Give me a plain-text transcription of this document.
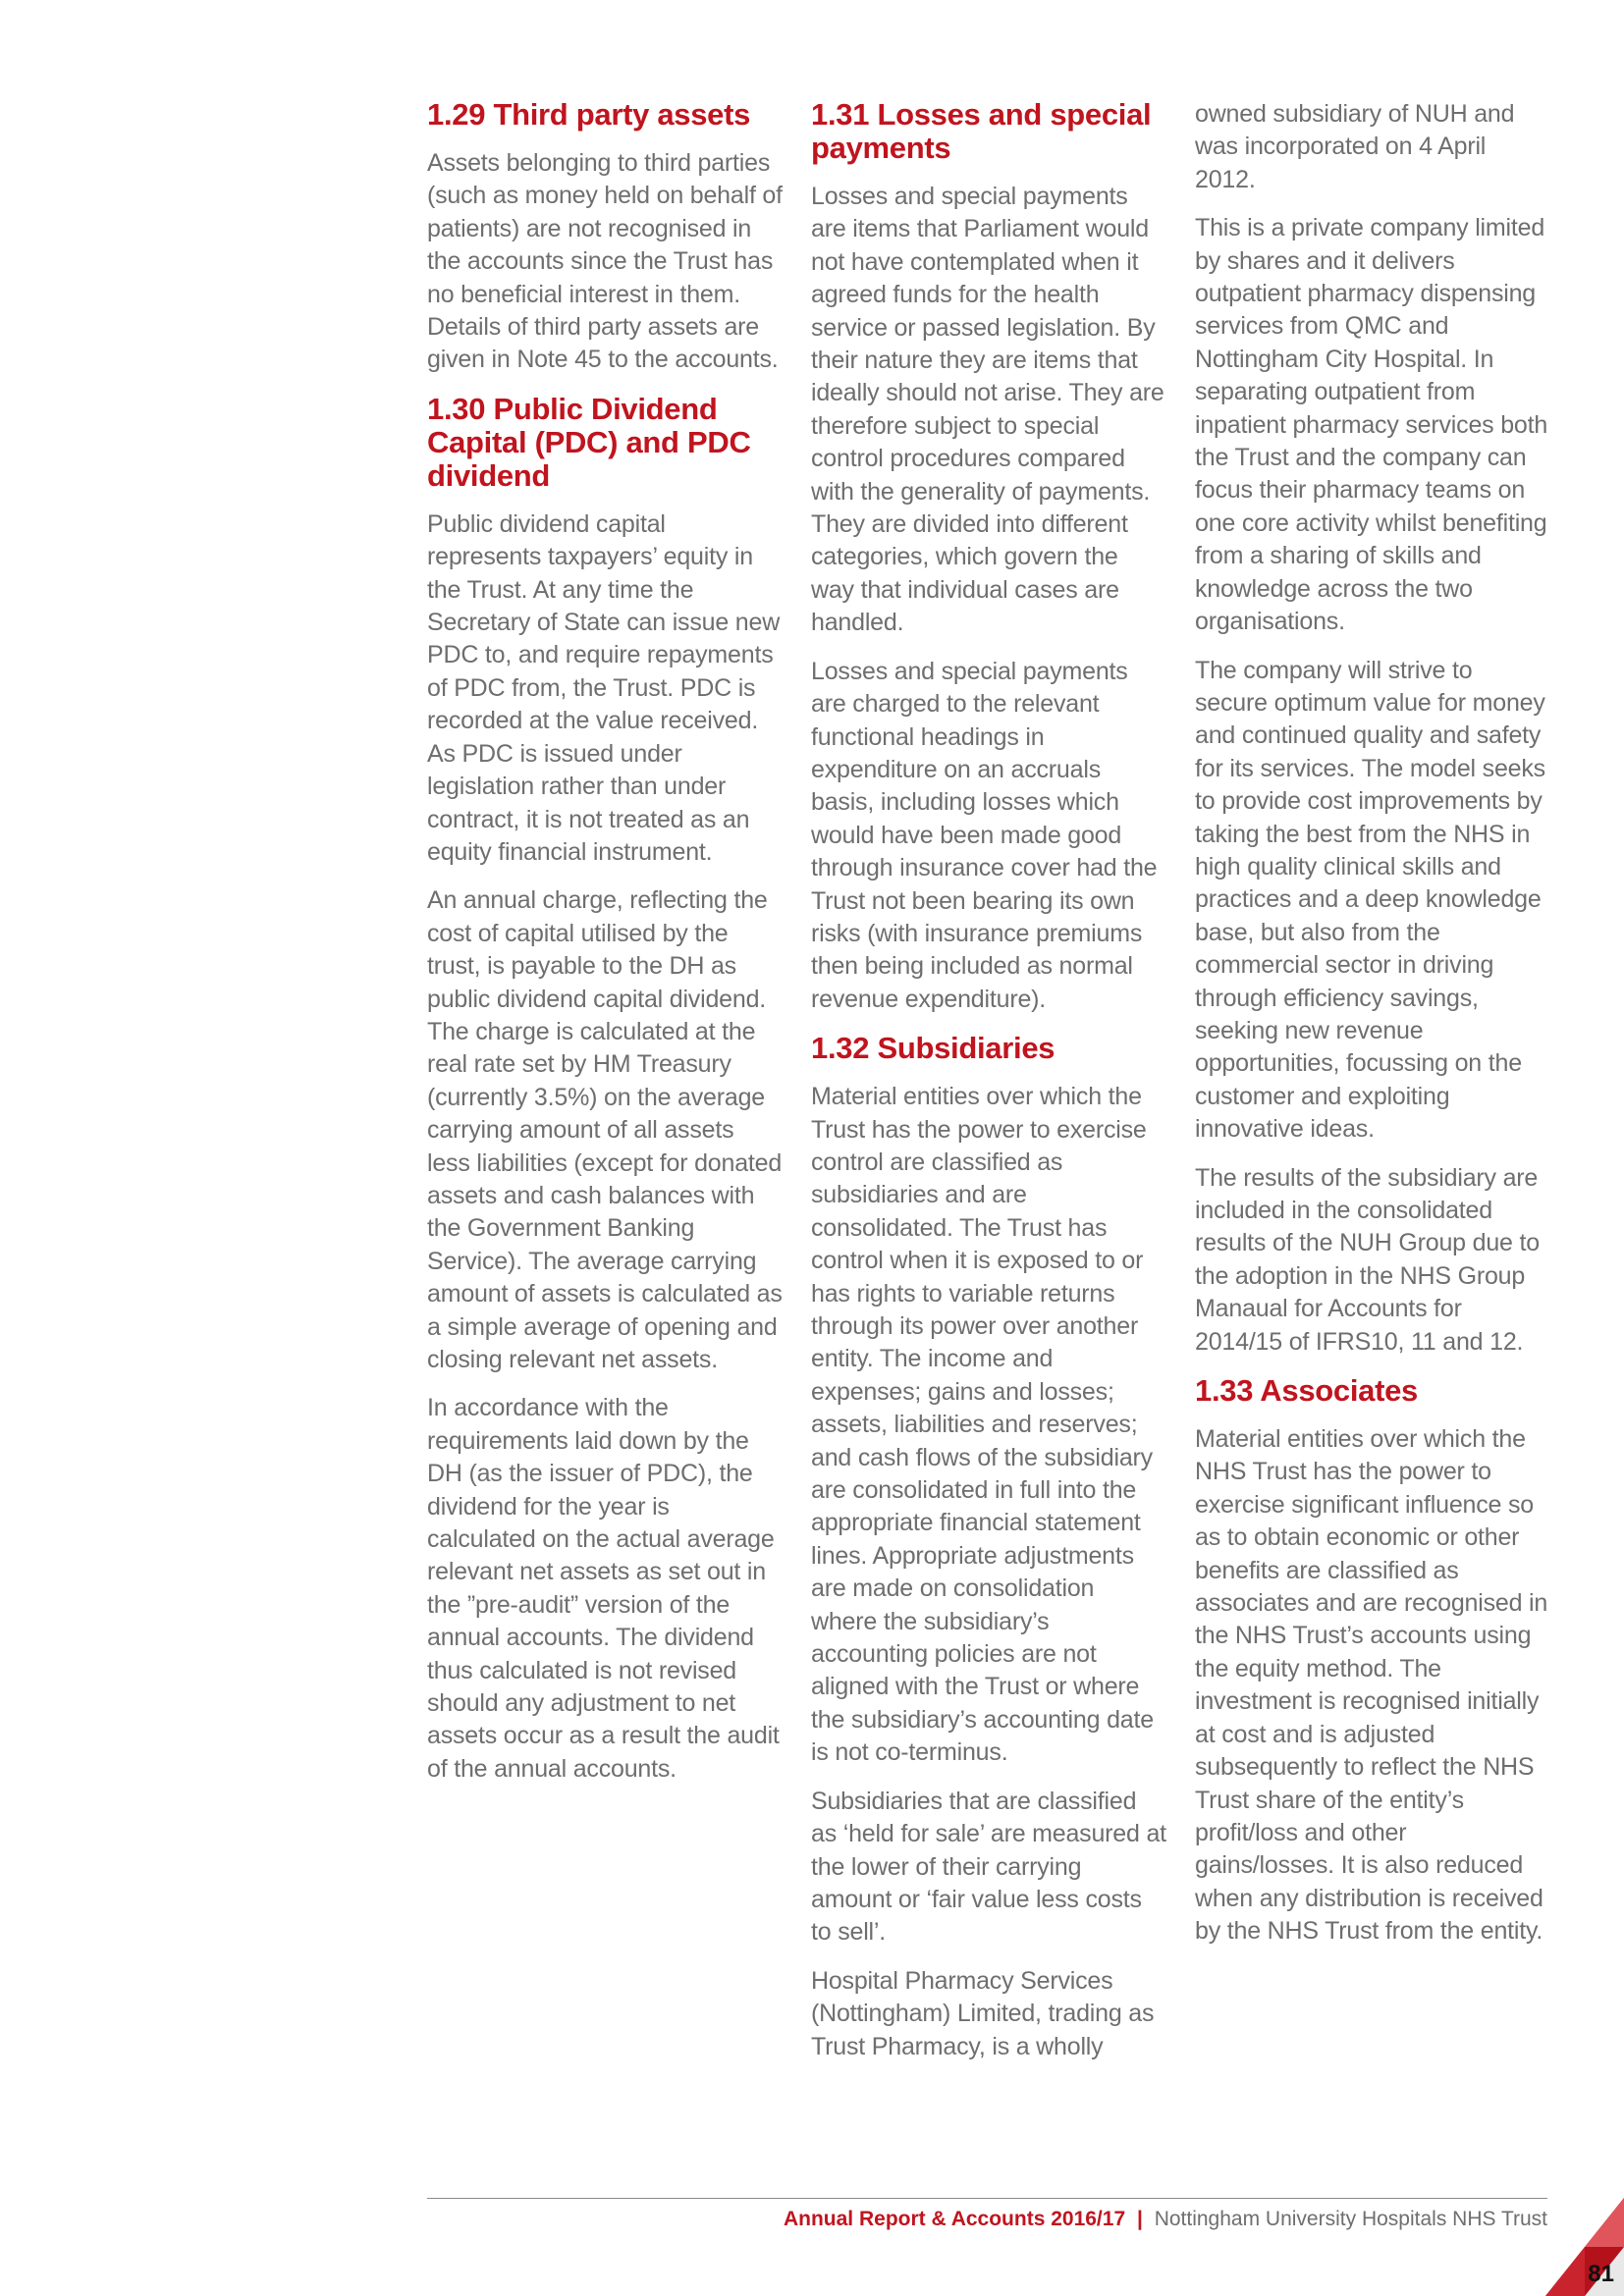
1.29 Third party assets

Assets belonging to third parties (such as money held on behalf of patients) are not recognised in the accounts since the Trust has no beneficial interest in them. Details of third party assets are given in Note 45 to the accounts.

1.30 Public Dividend Capital (PDC) and PDC dividend

Public dividend capital represents taxpayers’ equity in the Trust. At any time the Secretary of State can issue new PDC to, and require repayments of PDC from, the Trust. PDC is recorded at the value received. As PDC is issued under legislation rather than under contract, it is not treated as an equity financial instrument.

An annual charge, reflecting the cost of capital utilised by the trust, is payable to the DH as public dividend capital dividend. The charge is calculated at the real rate set by HM Treasury (currently 3.5%) on the average carrying amount of all assets less liabilities (except for donated assets and cash balances with the Government Banking Service). The average carrying amount of assets is calculated as a simple average of opening and closing relevant net assets.

In accordance with the requirements laid down by the DH (as the issuer of PDC), the dividend for the year is calculated on the actual average relevant net assets as set out in the ”pre-audit” version of the annual accounts. The dividend thus calculated is not revised should any adjustment to net assets occur as a result the audit of the annual accounts.

1.31 Losses and special payments

Losses and special payments are items that Parliament would not have contemplated when it agreed funds for the health service or passed legislation. By their nature they are items that ideally should not arise. They are therefore subject to special control procedures compared with the generality of payments. They are divided into different categories, which govern the way that individual cases are handled.

Losses and special payments are charged to the relevant functional headings in expenditure on an accruals basis, including losses which would have been made good through insurance cover had the Trust not been bearing its own risks (with insurance premiums then being included as normal revenue expenditure).

1.32 Subsidiaries

Material entities over which the Trust has the power to exercise control are classified as subsidiaries and are consolidated. The Trust has control when it is exposed to or has rights to variable returns through its power over another entity. The income and expenses; gains and losses; assets, liabilities and reserves; and cash flows of the subsidiary are consolidated in full into the appropriate financial statement lines. Appropriate adjustments are made on consolidation where the subsidiary’s accounting policies are not aligned with the Trust or where the subsidiary’s accounting date is not co-terminus.

Subsidiaries that are classified as ‘held for sale’ are measured at the lower of their carrying amount or ‘fair value less costs to sell’.

Hospital Pharmacy Services (Nottingham) Limited, trading as Trust Pharmacy, is a wholly

owned subsidiary of NUH and was incorporated on 4 April 2012.

This is a private company limited by shares and it delivers outpatient pharmacy dispensing services from QMC and Nottingham City Hospital. In separating outpatient from inpatient pharmacy services both the Trust and the company can focus their pharmacy teams on one core activity whilst benefiting from a sharing of skills and knowledge across the two organisations.

The company will strive to secure optimum value for money and continued quality and safety for its services. The model seeks to provide cost improvements by taking the best from the NHS in high quality clinical skills and practices and a deep knowledge base, but also from the commercial sector in driving through efficiency savings, seeking new revenue opportunities, focussing on the customer and exploiting innovative ideas.

The results of the subsidiary are included in the consolidated results of the NUH Group due to the adoption in the NHS Group Manaual for Accounts for 2014/15 of IFRS10, 11 and 12.

1.33 Associates

Material entities over which the NHS Trust has the power to exercise significant influence so as to obtain economic or other benefits are classified as associates and are recognised in the NHS Trust’s accounts using the equity method. The investment is recognised initially at cost and is adjusted subsequently to reflect the NHS Trust share of the entity’s profit/loss and other gains/losses. It is also reduced when any distribution is received by the NHS Trust from the entity.

Annual Report & Accounts 2016/17 | Nottingham University Hospitals NHS Trust
81
